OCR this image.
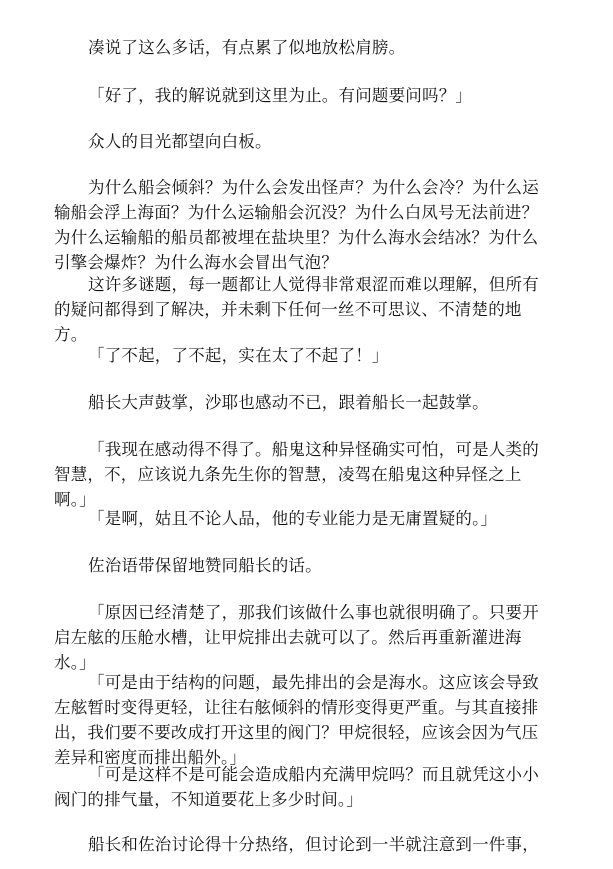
凑说了这么多话，有点累了似地放松肩膀。

「好了，我的解说就到这里为止。有问题要问吗？」

众人的目光都望向白板。

为什么船会倾斜？为什么会发出怪声？为什么会冷？为什么运输船会浮上海面？为什么运输船会沉没？为什么白凤号无法前进？为什么运输船的船员都被埋在盐块里？为什么海水会结冰？为什么引擎会爆炸？为什么海水会冒出气泡？

这许多谜题，每一题都让人觉得非常艰涩而难以理解，但所有的疑问都得到了解决，并未剩下任何一丝不可思议、不清楚的地方。

「了不起，了不起，实在太了不起了！」

船长大声鼓掌，沙耶也感动不已，跟着船长一起鼓掌。

「我现在感动得不得了。船鬼这种异怪确实可怕，可是人类的智慧，不，应该说九条先生你的智慧，凌驾在船鬼这种异怪之上啊。」

「是啊，姑且不论人品，他的专业能力是无庸置疑的。」

佐治语带保留地赞同船长的话。

「原因已经清楚了，那我们该做什么事也就很明确了。只要开启左舷的压舱水槽，让甲烷排出去就可以了。然后再重新灌进海水。」

「可是由于结构的问题，最先排出的会是海水。这应该会导致左舷暂时变得更轻，让往右舷倾斜的情形变得更严重。与其直接排出，我们要不要改成打开这里的阀门？甲烷很轻，应该会因为气压差异和密度而排出船外。」

「可是这样不是可能会造成船内充满甲烷吗？而且就凭这小小阀门的排气量，不知道要花上多少时间。」

船长和佐治讨论得十分热络，但讨论到一半就注意到一件事，
